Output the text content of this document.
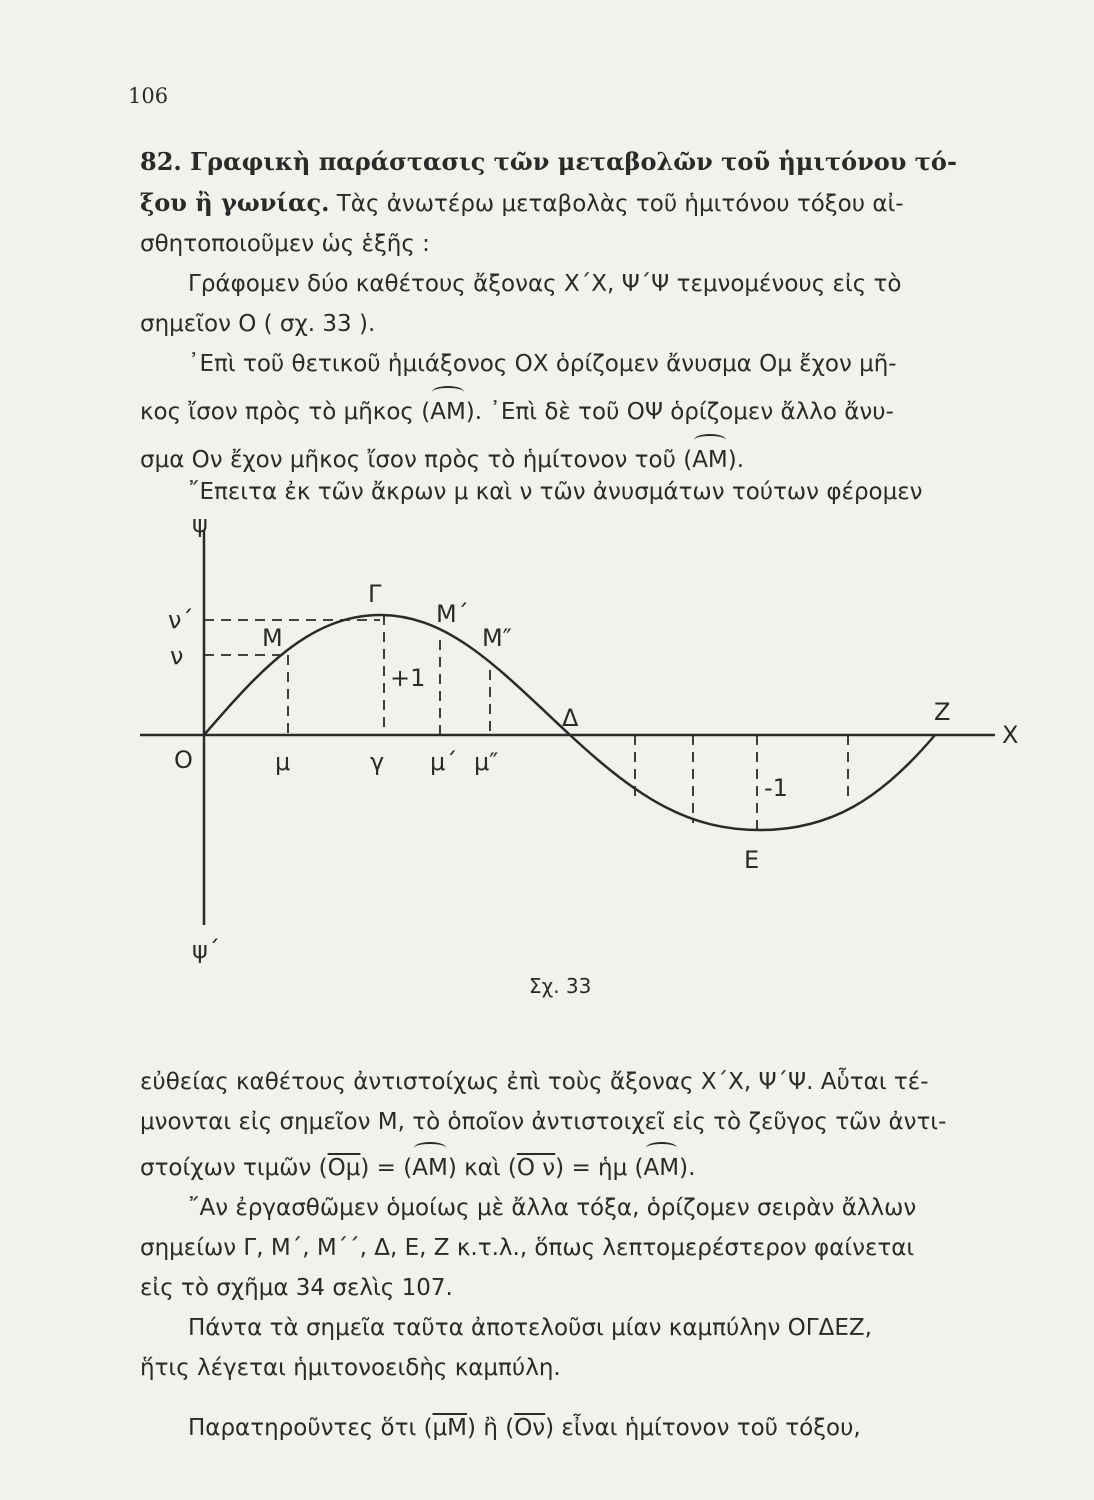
106
82. Γραφικὴ παράστασις τῶν μεταβολῶν τοῦ ἡμιτόνου τό-
ξου ἢ γωνίας. Τὰς ἀνωτέρω μεταβολὰς τοῦ ἡμιτόνου τόξου αἰ-
σθητοποιοῦμεν ὡς ἑξῆς :
Γράφομεν δύο καθέτους ἄξονας Χ΄Χ, Ψ΄Ψ τεμνομένους εἰς τὸ
σημεῖον Ο ( σχ. 33 ).
᾽Επὶ τοῦ θετικοῦ ἡμιάξονος ΟΧ ὁρίζομεν ἄνυσμα Ομ ἔχον μῆ-
κος ἴσον πρὸς τὸ μῆκος (ΑΜ). ᾽Επὶ δὲ τοῦ ΟΨ ὁρίζομεν ἄλλο ἄνυ-
σμα Ον ἔχον μῆκος ἴσον πρὸς τὸ ἡμίτονον τοῦ (ΑΜ).
῎Επειτα ἐκ τῶν ἄκρων μ καὶ ν τῶν ἀνυσμάτων τούτων φέρομεν
ψ
ψ΄
ν΄
ν
O
X
M
Γ
M΄
M″
+1
Δ	Z
-1
E
μ	γ μ΄ μ″
Σχ. 33
εὐθείας καθέτους ἀντιστοίχως ἐπὶ τοὺς ἄξονας Χ΄Χ, Ψ΄Ψ. Αὗται τέ-
μνονται εἰς σημεῖον Μ, τὸ ὁποῖον ἀντιστοιχεῖ εἰς τὸ ζεῦγος τῶν ἀντι-
στοίχων τιμῶν $(\overline{O\mu}) = (AM)$ καὶ (Ο ν) = ἡμ (ΑΜ).
῎Αν ἐργασθῶμεν ὁμοίως μὲ ἄλλα τόξα, ὁρίζομεν σειρὰν ἄλλων
σημείων Γ, Μ΄, Μ΄΄, Δ, Ε, Ζ κ.τ.λ., ὅπως λεπτομερέστερον φαίνεται
εἰς τὸ σχῆμα 34 σελὶς 107.
Πάντα τὰ σημεῖα ταῦτα ἀποτελοῦσι μίαν καμπύλην ΟΓΔΕΖ,
ἥτις λέγεται ἡμιτονοειδὴς καμπύλη.
Παρατηροῦντες ὅτι $(\overline{\mu M})$ ἢ $(\overline{O\nu})$ εἶναι ἡμίτονον τοῦ τόξου,
